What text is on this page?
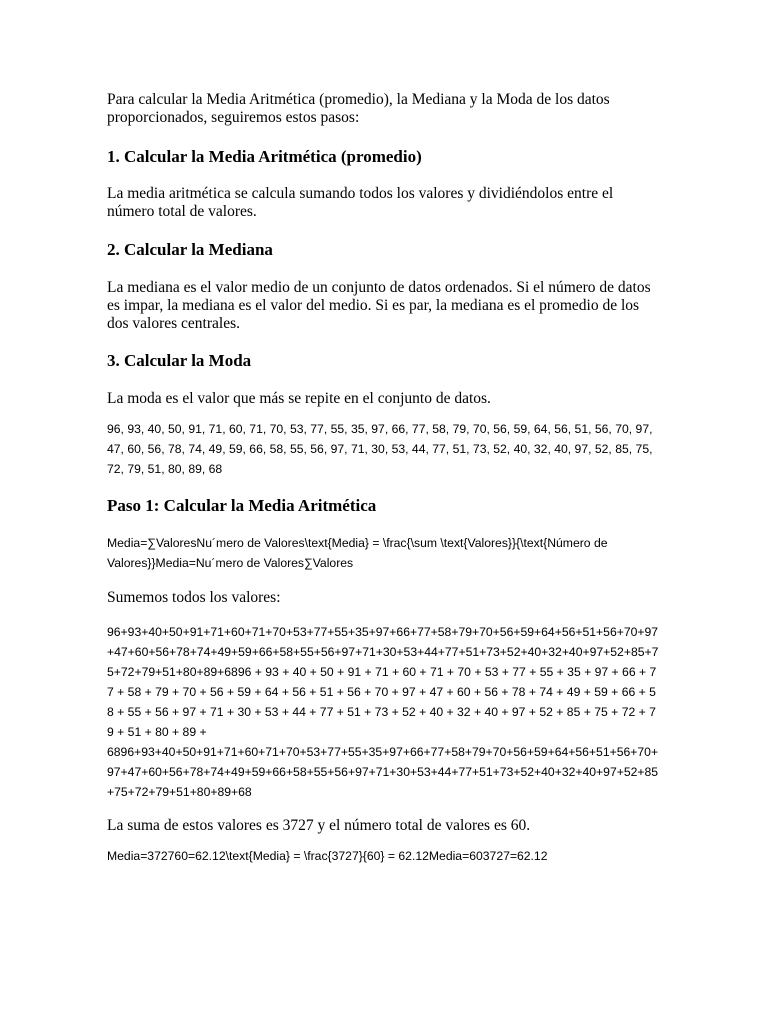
Para calcular la Media Aritmética (promedio), la Mediana y la Moda de los datos proporcionados, seguiremos estos pasos:

1. Calcular la Media Aritmética (promedio)

La media aritmética se calcula sumando todos los valores y dividiéndolos entre el número total de valores.

2. Calcular la Mediana

La mediana es el valor medio de un conjunto de datos ordenados. Si el número de datos es impar, la mediana es el valor del medio. Si es par, la mediana es el promedio de los dos valores centrales.

3. Calcular la Moda

La moda es el valor que más se repite en el conjunto de datos.

96, 93, 40, 50, 91, 71, 60, 71, 70, 53, 77, 55, 35, 97, 66, 77, 58, 79, 70, 56, 59, 64, 56, 51, 56, 70, 97, 47, 60, 56, 78, 74, 49, 59, 66, 58, 55, 56, 97, 71, 30, 53, 44, 77, 51, 73, 52, 40, 32, 40, 97, 52, 85, 75, 72, 79, 51, 80, 89, 68

Paso 1: Calcular la Media Aritmética

Media=∑ValoresNu´mero de Valores\text{Media} = \frac{\sum \text{Valores}}{\text{Número de Valores}}Media=Nu´mero de Valores∑Valores

Sumemos todos los valores:

96+93+40+50+91+71+60+71+70+53+77+55+35+97+66+77+58+79+70+56+59+64+56+51+56+70+97+47+60+56+78+74+49+59+66+58+55+56+97+71+30+53+44+77+51+73+52+40+32+40+97+52+85+75+72+79+51+80+89+6896 + 93 + 40 + 50 + 91 + 71 + 60 + 71 + 70 + 53 + 77 + 55 + 35 + 97 + 66 + 77 + 58 + 79 + 70 + 56 + 59 + 64 + 56 + 51 + 56 + 70 + 97 + 47 + 60 + 56 + 78 + 74 + 49 + 59 + 66 + 58 + 55 + 56 + 97 + 71 + 30 + 53 + 44 + 77 + 51 + 73 + 52 + 40 + 32 + 40 + 97 + 52 + 85 + 75 + 72 + 79 + 51 + 80 + 89 +
6896+93+40+50+91+71+60+71+70+53+77+55+35+97+66+77+58+79+70+56+59+64+56+51+56+70+97+47+60+56+78+74+49+59+66+58+55+56+97+71+30+53+44+77+51+73+52+40+32+40+97+52+85+75+72+79+51+80+89+68

La suma de estos valores es 3727 y el número total de valores es 60.

Media=372760=62.12\text{Media} = \frac{3727}{60} = 62.12Media=603727=62.12
